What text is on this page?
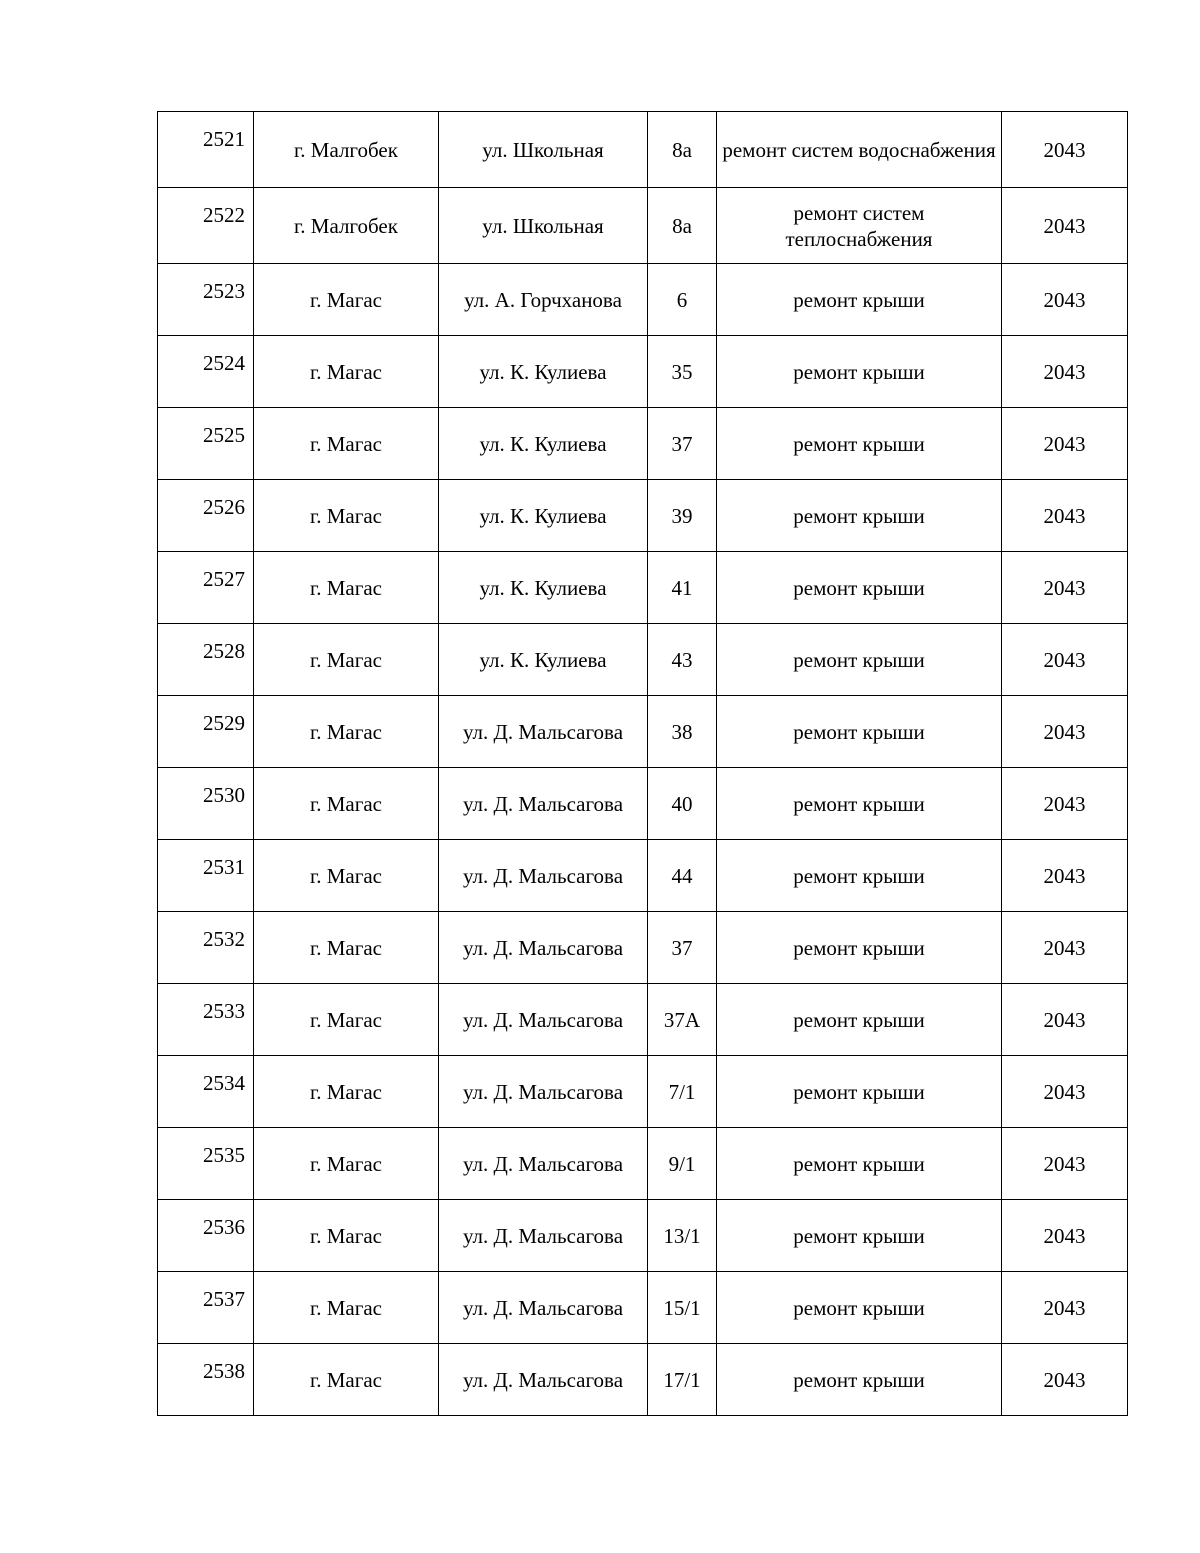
2521	г. Малгобек	ул. Школьная	8а	ремонт систем водоснабжения	2043
2522	г. Малгобек	ул. Школьная	8а	ремонт систем теплоснабжения	2043
2523	г. Магас	ул. А. Горчханова	6	ремонт крыши	2043
2524	г. Магас	ул. К. Кулиева	35	ремонт крыши	2043
2525	г. Магас	ул. К. Кулиева	37	ремонт крыши	2043
2526	г. Магас	ул. К. Кулиева	39	ремонт крыши	2043
2527	г. Магас	ул. К. Кулиева	41	ремонт крыши	2043
2528	г. Магас	ул. К. Кулиева	43	ремонт крыши	2043
2529	г. Магас	ул. Д. Мальсагова	38	ремонт крыши	2043
2530	г. Магас	ул. Д. Мальсагова	40	ремонт крыши	2043
2531	г. Магас	ул. Д. Мальсагова	44	ремонт крыши	2043
2532	г. Магас	ул. Д. Мальсагова	37	ремонт крыши	2043
2533	г. Магас	ул. Д. Мальсагова	37А	ремонт крыши	2043
2534	г. Магас	ул. Д. Мальсагова	7/1	ремонт крыши	2043
2535	г. Магас	ул. Д. Мальсагова	9/1	ремонт крыши	2043
2536	г. Магас	ул. Д. Мальсагова	13/1	ремонт крыши	2043
2537	г. Магас	ул. Д. Мальсагова	15/1	ремонт крыши	2043
2538	г. Магас	ул. Д. Мальсагова	17/1	ремонт крыши	2043
